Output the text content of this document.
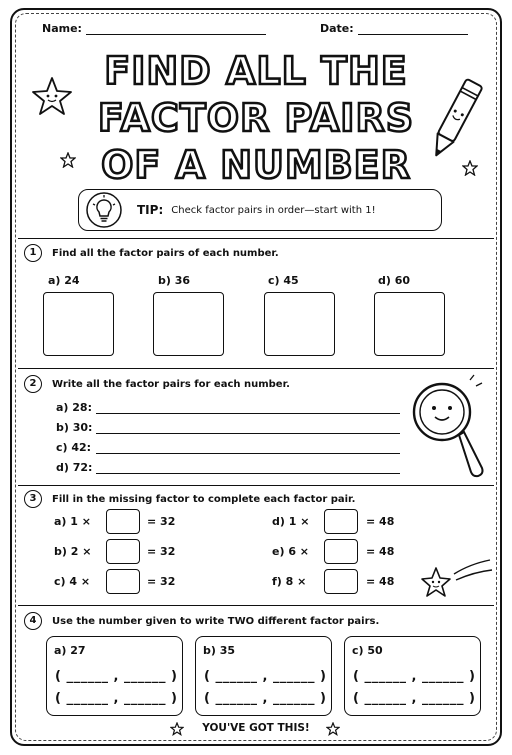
Name:	Date:
FIND ALL THE
FACTOR PAIRS
OF A NUMBER
TIP: Check factor pairs in order—start with 1!
1	Find all the factor pairs of each number.
a) 24	b) 36	c) 45	d) 60
2	Write all the factor pairs for each number.
a) 28:
b) 30:
c) 42:
d) 72:
3	Fill in the missing factor to complete each factor pair.
a) 1 ×	= 32
b) 2 ×	= 32
c) 4 ×	= 32
d) 1 ×	= 48
e) 6 ×	= 48
f) 8 ×	= 48
4	Use the number given to write TWO different factor pairs.
a) 27
( ______ , ______ )
( ______ , ______ )
b) 35
( ______ , ______ )
( ______ , ______ )
c) 50
( ______ , ______ )
( ______ , ______ )
YOU'VE GOT THIS!
